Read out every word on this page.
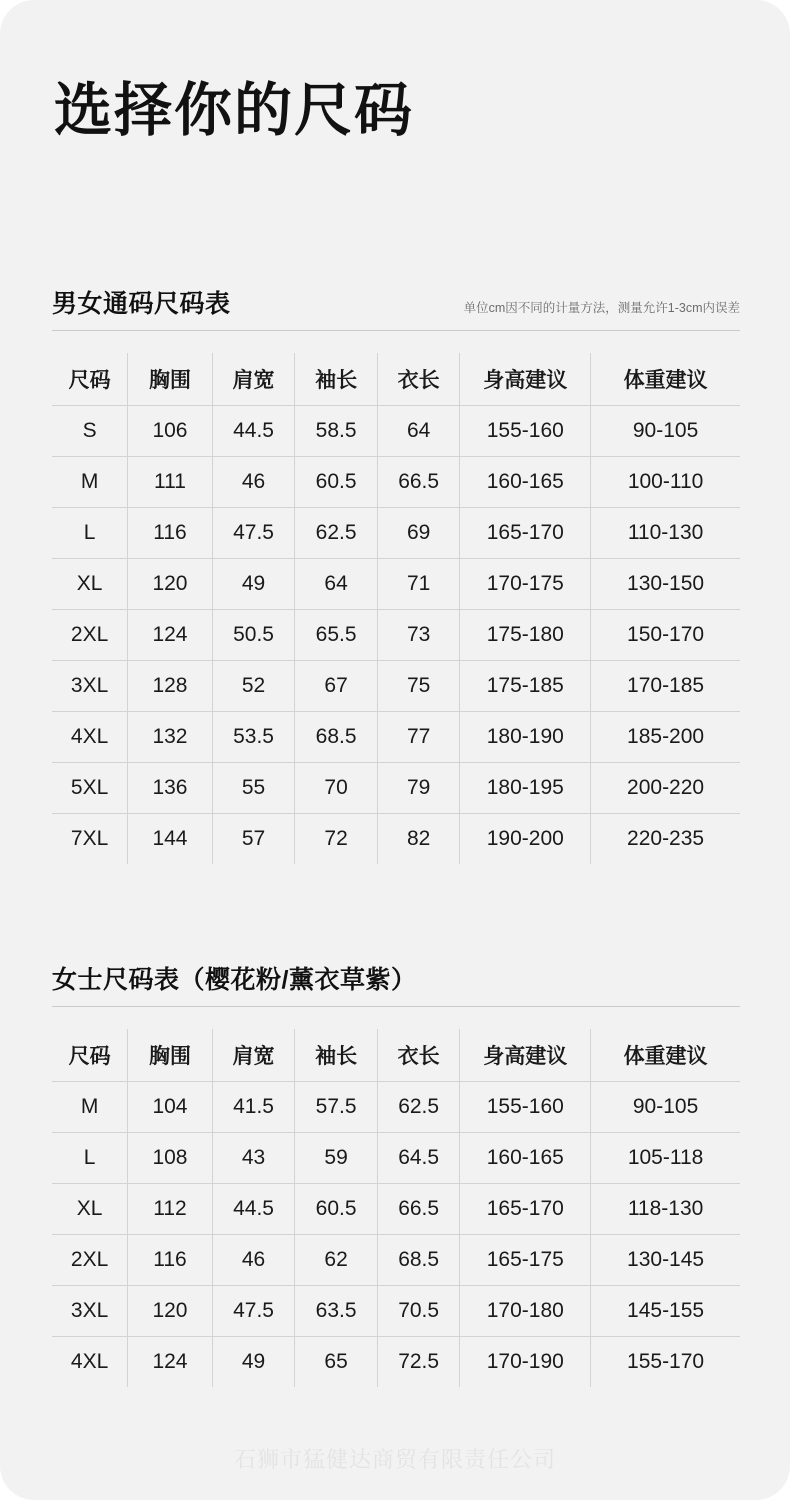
选择你的尺码
男女通码尺码表	单位cm因不同的计量方法，测量允许1-3cm内误差
尺码	胸围	肩宽	袖长	衣长	身高建议	体重建议
S	106	44.5	58.5	64	155-160	90-105
M	111	46	60.5	66.5	160-165	100-110
L	116	47.5	62.5	69	165-170	110-130
XL	120	49	64	71	170-175	130-150
2XL	124	50.5	65.5	73	175-180	150-170
3XL	128	52	67	75	175-185	170-185
4XL	132	53.5	68.5	77	180-190	185-200
5XL	136	55	70	79	180-195	200-220
7XL	144	57	72	82	190-200	220-235
女士尺码表（樱花粉/薰衣草紫）
尺码	胸围	肩宽	袖长	衣长	身高建议	体重建议
M	104	41.5	57.5	62.5	155-160	90-105
L	108	43	59	64.5	160-165	105-118
XL	112	44.5	60.5	66.5	165-170	118-130
2XL	116	46	62	68.5	165-175	130-145
3XL	120	47.5	63.5	70.5	170-180	145-155
4XL	124	49	65	72.5	170-190	155-170
石狮市猛健达商贸有限责任公司
